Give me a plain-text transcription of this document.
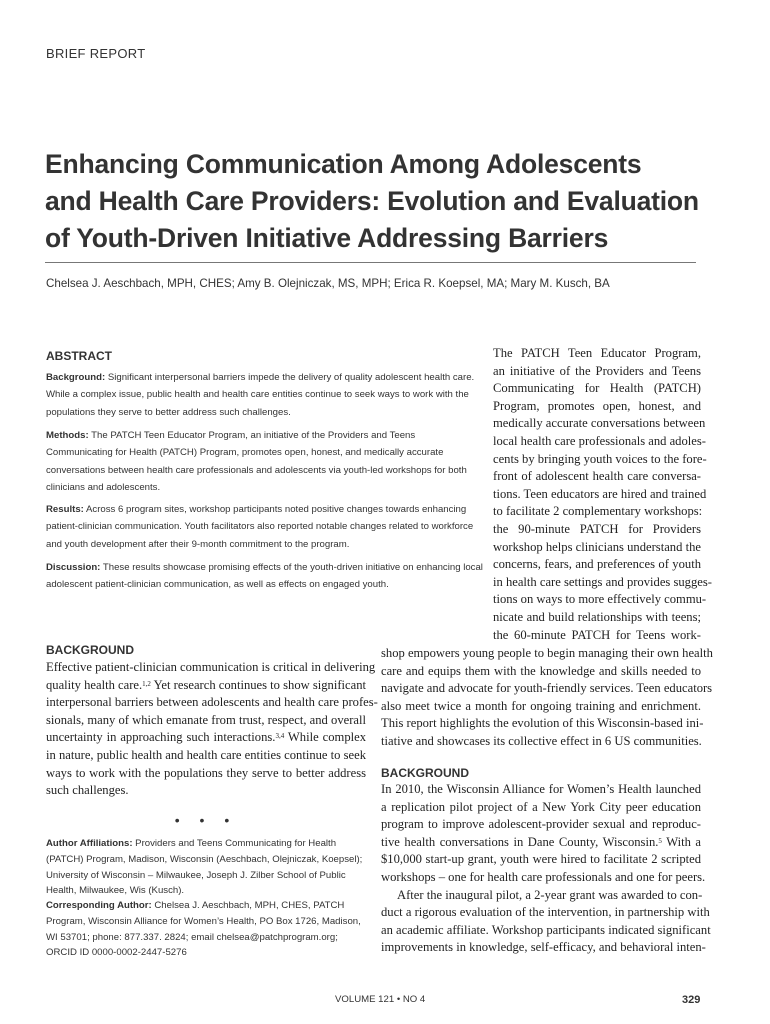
BRIEF REPORT
Enhancing Communication Among Adolescents
and Health Care Providers: Evolution and Evaluation
of Youth-Driven Initiative Addressing Barriers
Chelsea J. Aeschbach, MPH, CHES; Amy B. Olejniczak, MS, MPH; Erica R. Koepsel, MA; Mary M. Kusch, BA
ABSTRACT

Background: Significant interpersonal barriers impede the delivery of quality adolescent health care. While a complex issue, public health and health care entities continue to seek ways to work with the populations they serve to better address such challenges.

Methods: The PATCH Teen Educator Program, an initiative of the Providers and Teens Communicating for Health (PATCH) Program, promotes open, honest, and medically accurate conversations between health care professionals and adolescents via youth-led workshops for both clinicians and adolescents.

Results: Across 6 program sites, workshop participants noted positive changes towards enhancing patient-clinician communication. Youth facilitators also reported notable changes related to workforce and youth development after their 9-month commitment to the program.

Discussion: These results showcase promising effects of the youth-driven initiative on enhancing local adolescent patient-clinician communication, as well as effects on engaged youth.

The PATCH Teen Educator Program,
an initiative of the Providers and Teens
Communicating for Health (PATCH)
Program, promotes open, honest, and
medically accurate conversations between
local health care professionals and adoles-
cents by bringing youth voices to the fore-
front of adolescent health care conversa-
tions. Teen educators are hired and trained
to facilitate 2 complementary workshops:
the 90-minute PATCH for Providers
workshop helps clinicians understand the
concerns, fears, and preferences of youth
in health care settings and provides sugges-
tions on ways to more effectively commu-
nicate and build relationships with teens;
the 60-minute PATCH for Teens work-
shop empowers young people to begin managing their own health
care and equips them with the knowledge and skills needed to
navigate and advocate for youth-friendly services. Teen educators
also meet twice a month for ongoing training and enrichment.
This report highlights the evolution of this Wisconsin-based ini-
tiative and showcases its collective effect in 6 US communities.
BACKGROUND
Effective patient-clinician communication is critical in delivering
quality health care.$^{1,2}$ Yet research continues to show significant
interpersonal barriers between adolescents and health care profes-
sionals, many of which emanate from trust, respect, and overall
uncertainty in approaching such interactions.$^{3,4}$ While complex
in nature, public health and health care entities continue to seek
ways to work with the populations they serve to better address
such challenges.
• • •

Author Affiliations: Providers and Teens Communicating for Health (PATCH) Program, Madison, Wisconsin (Aeschbach, Olejniczak, Koepsel); University of Wisconsin – Milwaukee, Joseph J. Zilber School of Public Health, Milwaukee, Wis (Kusch).

Corresponding Author: Chelsea J. Aeschbach, MPH, CHES, PATCH Program, Wisconsin Alliance for Women’s Health, PO Box 1726, Madison, WI 53701; phone: 877.337. 2824; email chelsea@patchprogram.org; ORCID ID 0000-0002-2447-5276

BACKGROUND
In 2010, the Wisconsin Alliance for Women’s Health launched
a replication pilot project of a New York City peer education
program to improve adolescent-provider sexual and reproduc-
tive health conversations in Dane County, Wisconsin.$^5$ With a
$10,000 start-up grant, youth were hired to facilitate 2 scripted
workshops – one for health care professionals and one for peers.
After the inaugural pilot, a 2-year grant was awarded to con-
duct a rigorous evaluation of the intervention, in partnership with
an academic affiliate. Workshop participants indicated significant
improvements in knowledge, self-efficacy, and behavioral inten-
VOLUME 121 • NO 4	329
